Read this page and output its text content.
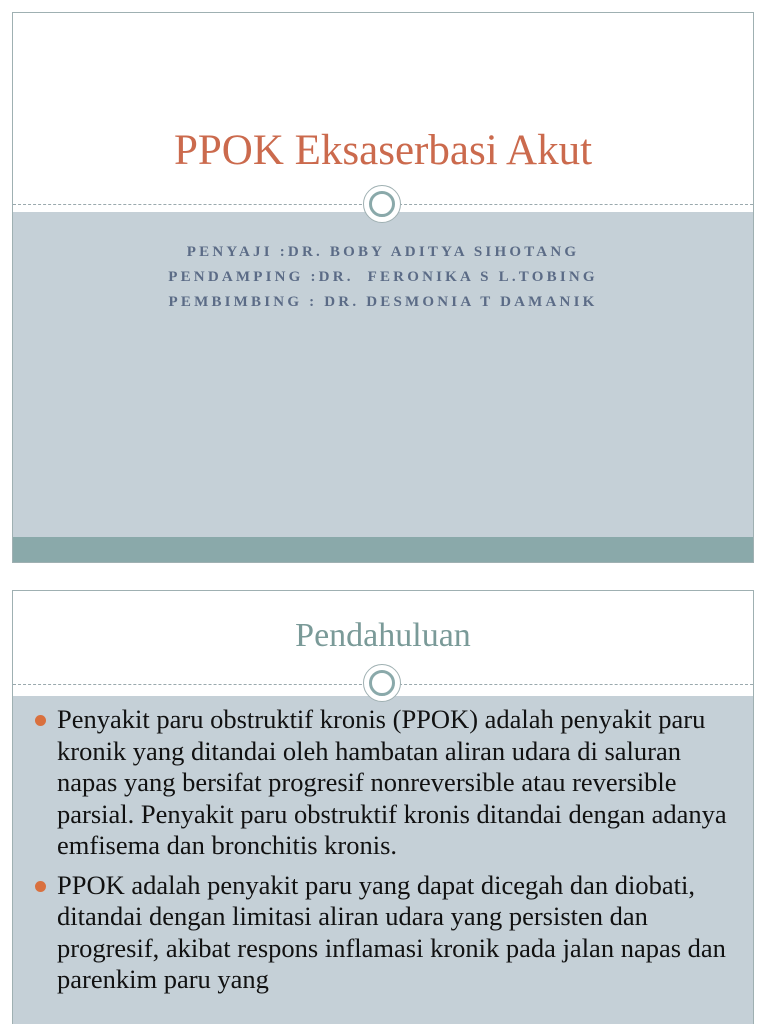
PPOK Eksaserbasi Akut
PENYAJI :DR. BOBY ADITYA SIHOTANG
PENDAMPING :DR.  FERONIKA S L.TOBING
PEMBIMBING : DR. DESMONIA T DAMANIK
Pendahuluan
Penyakit paru obstruktif kronis (PPOK) adalah penyakit paru kronik yang ditandai oleh hambatan aliran udara di saluran napas yang bersifat progresif nonreversible atau reversible parsial. Penyakit paru obstruktif kronis ditandai dengan adanya emfisema dan bronchitis kronis.
PPOK adalah penyakit paru yang dapat dicegah dan diobati, ditandai dengan limitasi aliran udara yang persisten dan progresif, akibat respons inflamasi kronik pada jalan napas dan parenkim paru yang
